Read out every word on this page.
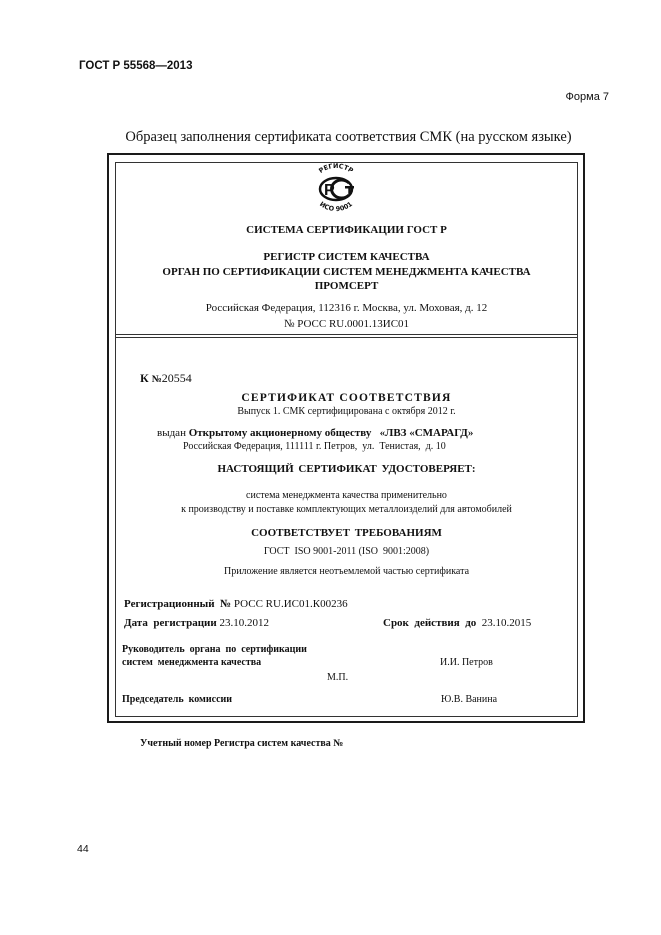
ГОСТ Р 55568—2013
Форма 7
Образец заполнения сертификата соответствия СМК (на русском языке)
РЕГИСТР
ИСО 9001
Р
СИСТЕМА СЕРТИФИКАЦИИ ГОСТ Р
РЕГИСТР СИСТЕМ КАЧЕСТВА
ОРГАН ПО СЕРТИФИКАЦИИ СИСТЕМ МЕНЕДЖМЕНТА КАЧЕСТВА
ПРОМСЕРТ
Российская Федерация, 112316 г. Москва, ул. Моховая, д. 12
№ РОСС RU.0001.13ИС01
К №20554
СЕРТИФИКАТ СООТВЕТСТВИЯ
Выпуск 1. СМК сертифицирована с октября 2012 г.
выдан Открытому акционерному обществу   «ЛВЗ «СМАРАГД»
Российская Федерация, 111111 г. Петров,  ул.  Тенистая,  д. 10
НАСТОЯЩИЙ СЕРТИФИКАТ УДОСТОВЕРЯЕТ:
система менеджмента качества применительно
к производству и поставке комплектующих металлоизделий для автомобилей
СООТВЕТСТВУЕТ ТРЕБОВАНИЯМ
ГОСТ  ISO 9001-2011 (ISO  9001:2008)
Приложение является неотъемлемой частью сертификата
Регистрационный  № РОСС RU.ИС01.К00236
Дата  регистрации 23.10.2012	Срок  действия  до 23.10.2015
Руководитель  органа  по  сертификации
систем  менеджмента качества	И.И. Петров
М.П.
Председатель  комиссии	Ю.В. Ванина
Учетный номер Регистра систем качества №
44
